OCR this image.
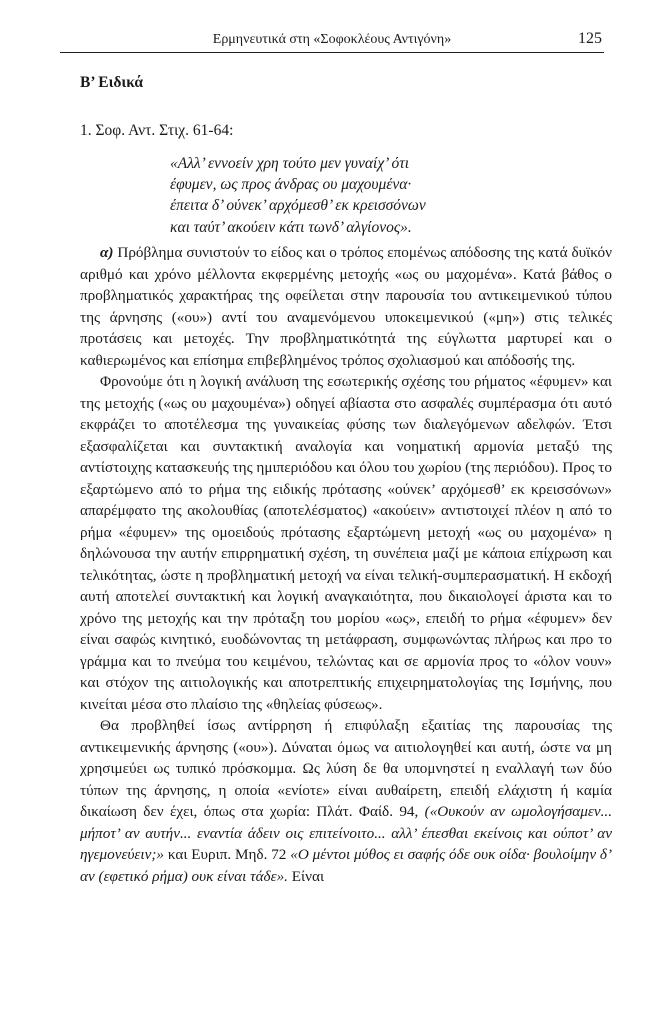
Ερμηνευτικά στη «Σοφοκλέους Αντιγόνη»	125
Β’ Ειδικά
1. Σοφ. Αντ. Στιχ. 61-64:
«Αλλ’ εννοείν χρη τούτο μεν γυναίχ’ ότι
έφυμεν, ως προς άνδρας ου μαχουμένα·
έπειτα δ’ ούνεκ’ αρχόμεσθ’ εκ κρεισσόνων
και ταύτ’ ακούειν κάτι τωνδ’ αλγίονος».

α) Πρόβλημα συνιστούν το είδος και ο τρόπος επομένως απόδοσης της κατά δυϊκόν αριθμό και χρόνο μέλλοντα εκφερμένης μετοχής «ως ου μαχομένα». Κατά βάθος ο προβληματικός χαρακτήρας της οφείλεται στην παρουσία του αντικειμενικού τύπου της άρνησης («ου») αντί του αναμενόμενου υποκειμενικού («μη») στις τελικές προτάσεις και μετοχές. Την προβληματικότητά της εύγλωττα μαρτυρεί και ο καθιερωμένος και επίσημα επιβεβλημένος τρόπος σχολιασμού και απόδοσής της.

Φρονούμε ότι η λογική ανάλυση της εσωτερικής σχέσης του ρήματος «έφυμεν» και της μετοχής («ως ου μαχουμένα») οδηγεί αβίαστα στο ασφαλές συμπέρασμα ότι αυτό εκφράζει το αποτέλεσμα της γυναικείας φύσης των διαλεγόμενων αδελφών. Έτσι εξασφαλίζεται και συντακτική αναλογία και νοηματική αρμονία μεταξύ της αντίστοιχης κατασκευής της ημιπεριόδου και όλου του χωρίου (της περιόδου). Προς το εξαρτώμενο από το ρήμα της ειδικής πρότασης «ούνεκ’ αρχόμεσθ’ εκ κρεισσόνων» απαρέμφατο της ακολουθίας (αποτελέσματος) «ακούειν» αντιστοιχεί πλέον η από το ρήμα «έφυμεν» της ομοειδούς πρότασης εξαρτώμενη μετοχή «ως ου μαχομένα» η δηλώνουσα την αυτήν επιρρηματική σχέση, τη συνέπεια μαζί με κάποια επίχρωση και τελικότητας, ώστε η προβληματική μετοχή να είναι τελική-συμπερασματική. Η εκδοχή αυτή αποτελεί συντακτική και λογική αναγκαιότητα, που δικαιολογεί άριστα και το χρόνο της μετοχής και την πρόταξη του μορίου «ως», επειδή το ρήμα «έφυμεν» δεν είναι σαφώς κινητικό, ευοδώνοντας τη μετάφραση, συμφωνώντας πλήρως και προ το γράμμα και το πνεύμα του κειμένου, τελώντας και σε αρμονία προς το «όλον νουν» και στόχον της αιτιολογικής και αποτρεπτικής επιχειρηματολογίας της Ισμήνης, που κινείται μέσα στο πλαίσιο της «θηλείας φύσεως».

Θα προβληθεί ίσως αντίρρηση ή επιφύλαξη εξαιτίας της παρουσίας της αντικειμενικής άρνησης («ου»). Δύναται όμως να αιτιολογηθεί και αυτή, ώστε να μη χρησιμεύει ως τυπικό πρόσκομμα. Ως λύση δε θα υπομνηστεί η εναλλαγή των δύο τύπων της άρνησης, η οποία «ενίοτε» είναι αυθαίρετη, επειδή ελάχιστη ή καμία δικαίωση δεν έχει, όπως στα χωρία: Πλάτ. Φαίδ. 94, («Ουκούν αν ωμολογήσαμεν... μήποτ’ αν αυτήν... εναντία άδειν οις επιτείνοιτο... αλλ’ έπεσθαι εκείνοις και ούποτ’ αν ηγεμονεύειν;» και Ευριπ. Μηδ. 72 «Ο μέντοι μύθος ει σαφής όδε ουκ οίδα· βουλοίμην δ’ αν (εφετικό ρήμα) ουκ είναι τάδε». Είναι
